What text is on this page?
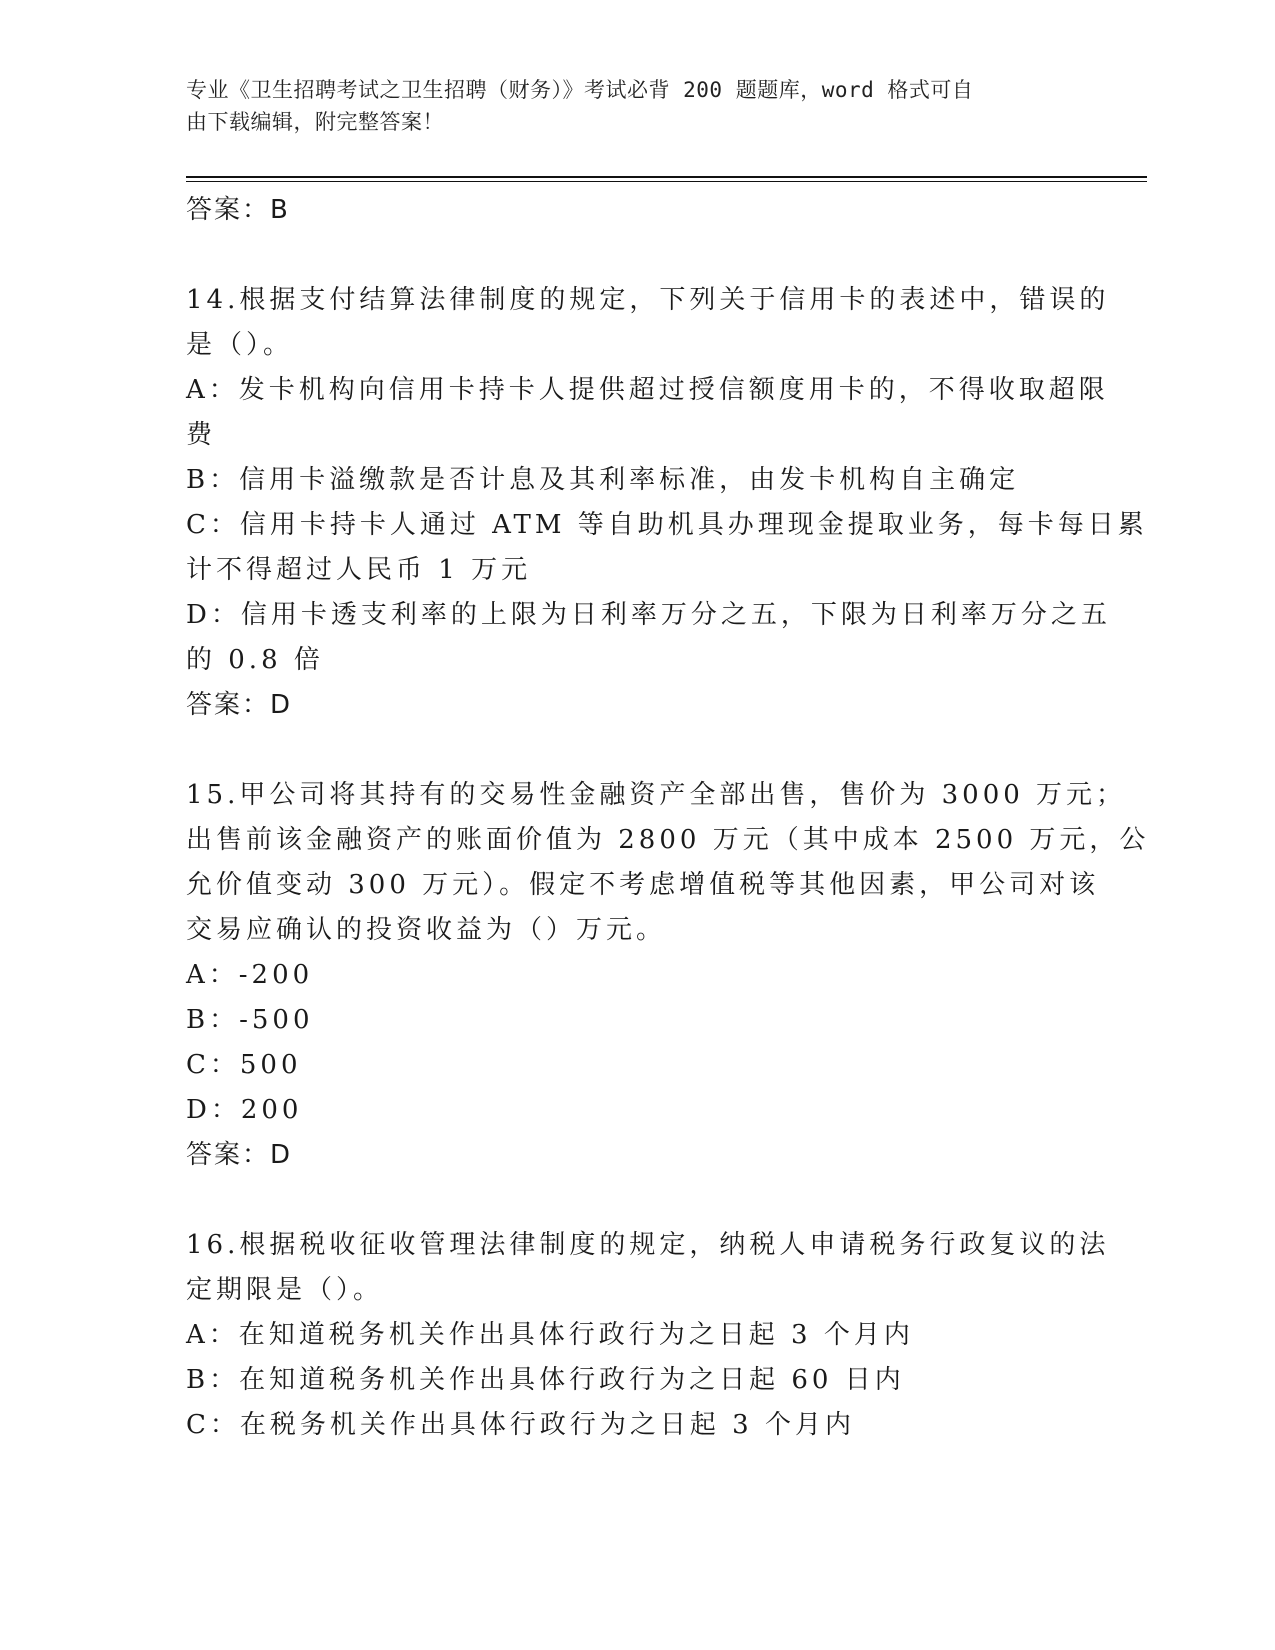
专业《卫生招聘考试之卫生招聘（财务）》考试必背 200 题题库，word 格式可自
由下载编辑，附完整答案！
答案：B
14.根据支付结算法律制度的规定，下列关于信用卡的表述中，错误的
是（）。
A：发卡机构向信用卡持卡人提供超过授信额度用卡的，不得收取超限
费
B：信用卡溢缴款是否计息及其利率标准，由发卡机构自主确定
C：信用卡持卡人通过 ATM 等自助机具办理现金提取业务，每卡每日累
计不得超过人民币 1 万元
D：信用卡透支利率的上限为日利率万分之五，下限为日利率万分之五
的 0.8 倍
答案：D
15.甲公司将其持有的交易性金融资产全部出售，售价为 3000 万元；
出售前该金融资产的账面价值为 2800 万元（其中成本 2500 万元，公
允价值变动 300 万元）。假定不考虑增值税等其他因素，甲公司对该
交易应确认的投资收益为（）万元。
A：-200
B：-500
C：500
D：200
答案：D
16.根据税收征收管理法律制度的规定，纳税人申请税务行政复议的法
定期限是（）。
A：在知道税务机关作出具体行政行为之日起 3 个月内
B：在知道税务机关作出具体行政行为之日起 60 日内
C：在税务机关作出具体行政行为之日起 3 个月内
